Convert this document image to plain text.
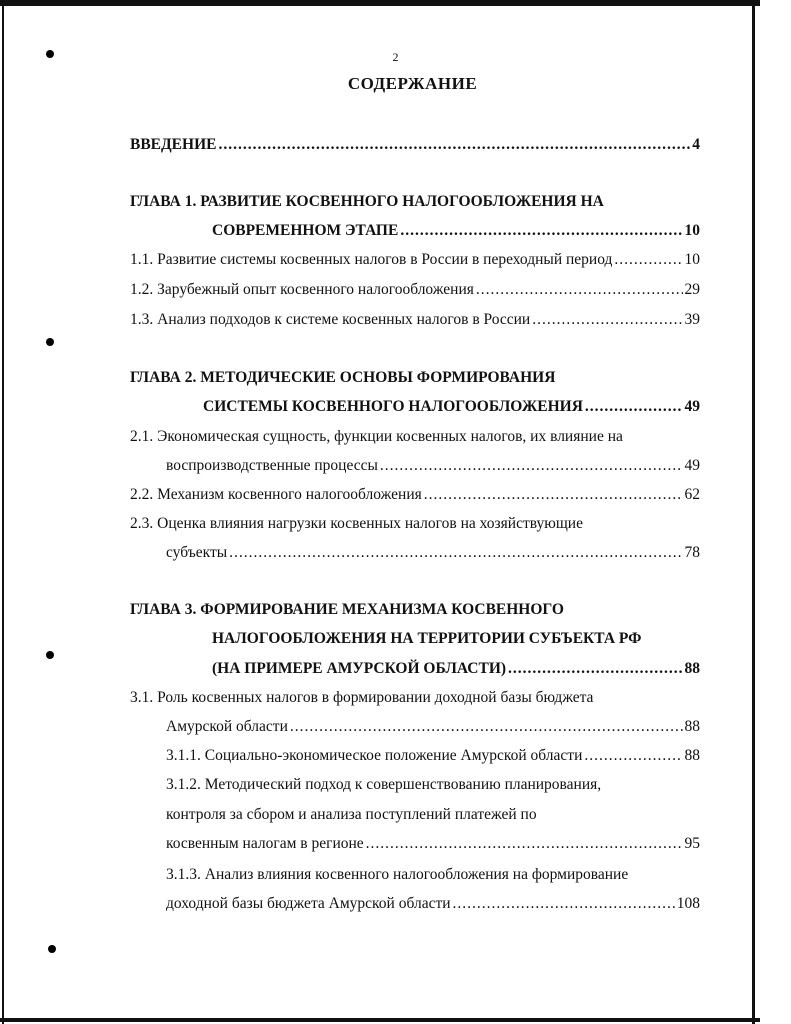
2
СОДЕРЖАНИЕ
ВВЕДЕНИЕ .....	4
ГЛАВА 1. РАЗВИТИЕ КОСВЕННОГО НАЛОГООБЛОЖЕНИЯ НА
СОВРЕМЕННОМ ЭТАПЕ .....	10
1.1. Развитие системы косвенных налогов в России в переходный период .....	10
1.2. Зарубежный опыт косвенного налогообложения .....	29
1.3. Анализ подходов к системе косвенных налогов в России .....	39
ГЛАВА 2. МЕТОДИЧЕСКИЕ ОСНОВЫ ФОРМИРОВАНИЯ
СИСТЕМЫ КОСВЕННОГО НАЛОГООБЛОЖЕНИЯ .....	49
2.1. Экономическая сущность, функции косвенных налогов, их влияние на
воспроизводственные процессы .....	49
2.2. Механизм косвенного налогообложения .....	62
2.3. Оценка влияния нагрузки косвенных налогов на хозяйствующие
субъекты .....	78
ГЛАВА 3. ФОРМИРОВАНИЕ МЕХАНИЗМА КОСВЕННОГО
НАЛОГООБЛОЖЕНИЯ НА ТЕРРИТОРИИ СУБЪЕКТА РФ
(НА ПРИМЕРЕ АМУРСКОЙ ОБЛАСТИ) .....	88
3.1. Роль косвенных налогов в формировании доходной базы бюджета
Амурской области .....	88
3.1.1. Социально-экономическое положение Амурской области .....	88
3.1.2. Методический подход к совершенствованию планирования,
контроля за сбором и анализа поступлений платежей по
косвенным налогам в регионе .....	95
3.1.3. Анализ влияния косвенного налогообложения на формирование
доходной базы бюджета Амурской области .....	108
